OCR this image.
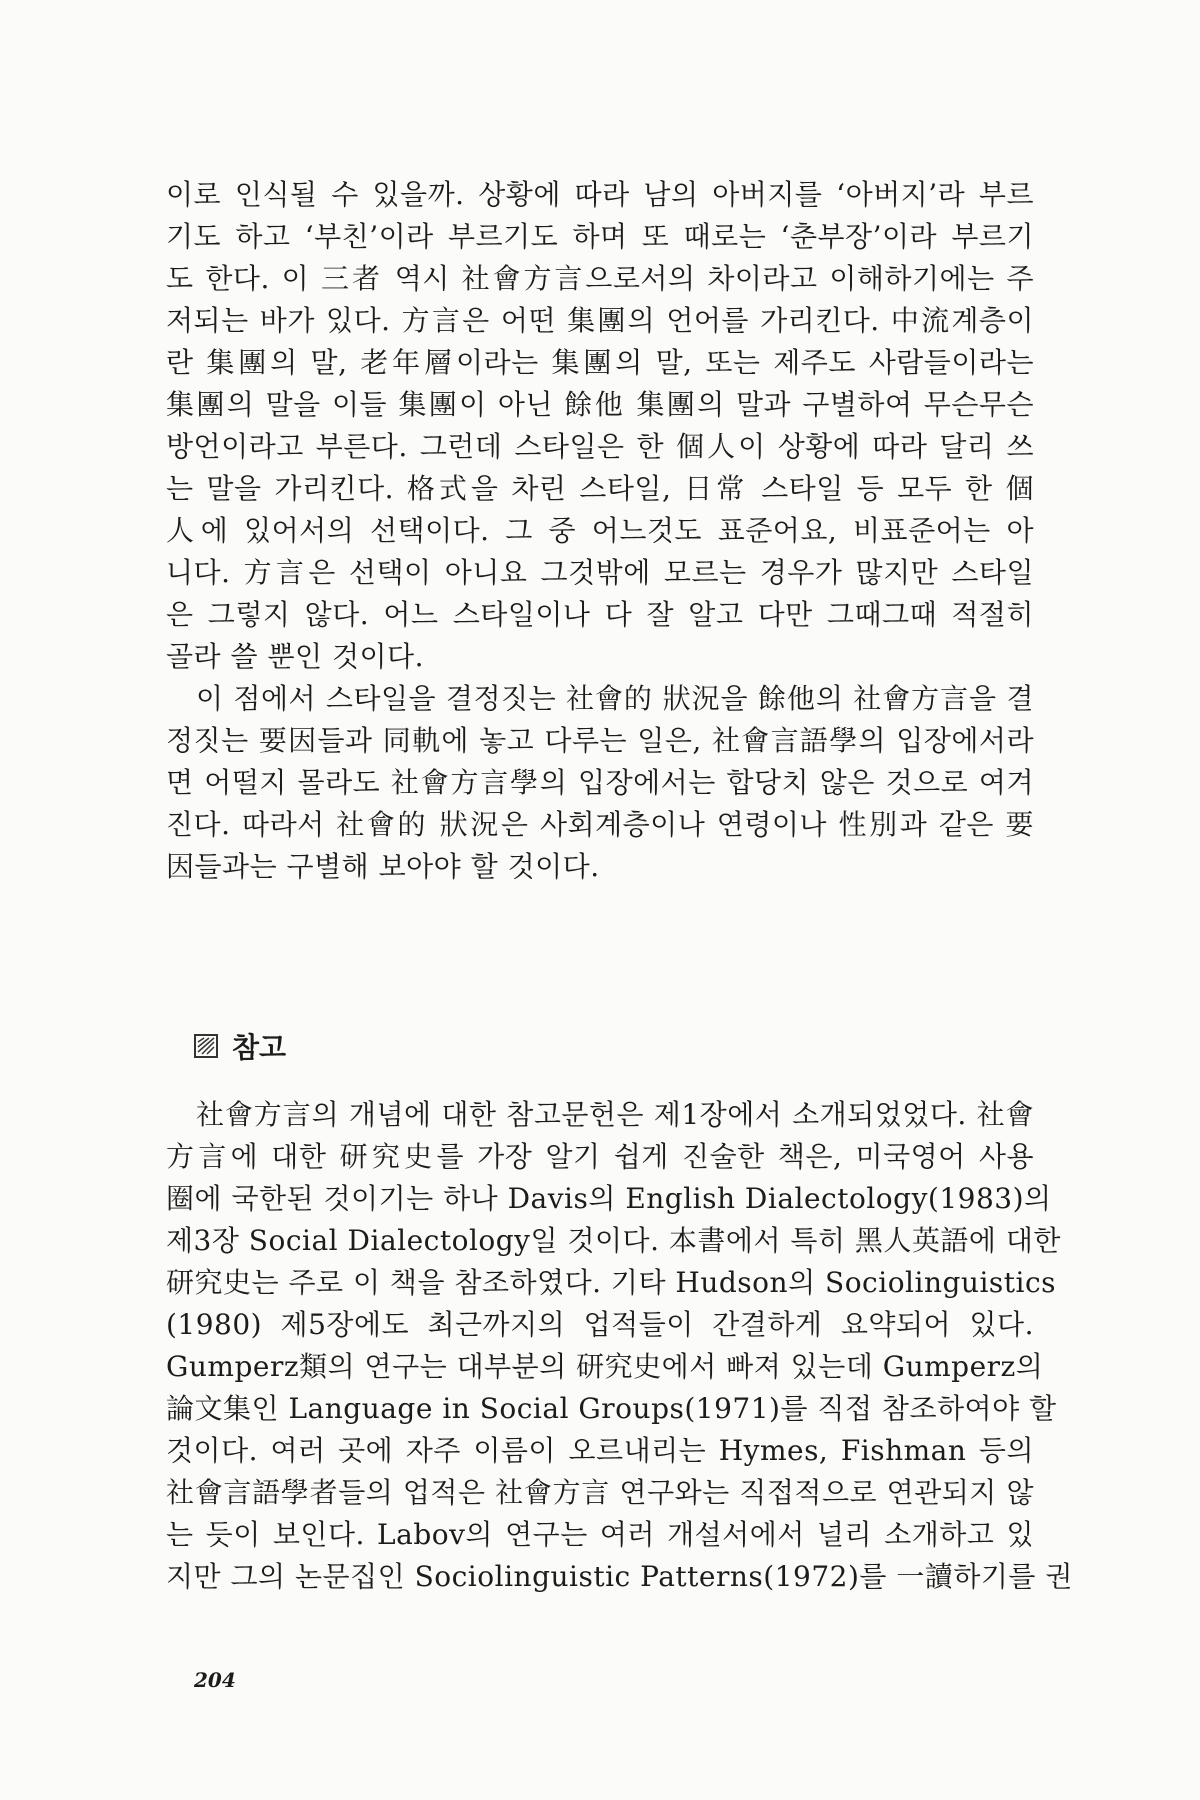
이로 인식될 수 있을까. 상황에 따라 남의 아버지를 ‘아버지’라 부르
기도 하고 ‘부친’이라 부르기도 하며 또 때로는 ‘춘부장’이라 부르기
도 한다. 이 三者 역시 社會方言으로서의 차이라고 이해하기에는 주
저되는 바가 있다. 方言은 어떤 集團의 언어를 가리킨다. 中流계층이
란 集團의 말, 老年層이라는 集團의 말, 또는 제주도 사람들이라는
集團의 말을 이들 集團이 아닌 餘他 集團의 말과 구별하여 무슨무슨
방언이라고 부른다. 그런데 스타일은 한 個人이 상황에 따라 달리 쓰
는 말을 가리킨다. 格式을 차린 스타일, 日常 스타일 등 모두 한 個
人에 있어서의 선택이다. 그 중 어느것도 표준어요, 비표준어는 아
니다. 方言은 선택이 아니요 그것밖에 모르는 경우가 많지만 스타일
은 그렇지 않다. 어느 스타일이나 다 잘 알고 다만 그때그때 적절히
골라 쓸 뿐인 것이다.
이 점에서 스타일을 결정짓는 社會的 狀況을 餘他의 社會方言을 결
정짓는 要因들과 同軌에 놓고 다루는 일은, 社會言語學의 입장에서라
면 어떨지 몰라도 社會方言學의 입장에서는 합당치 않은 것으로 여겨
진다. 따라서 社會的 狀況은 사회계층이나 연령이나 性別과 같은 要
因들과는 구별해 보아야 할 것이다.
참고
社會方言의 개념에 대한 참고문헌은 제1장에서 소개되었었다. 社會
方言에 대한 研究史를 가장 알기 쉽게 진술한 책은, 미국영어 사용
圈에 국한된 것이기는 하나 Davis의 English Dialectology(1983)의
제3장 Social Dialectology일 것이다. 本書에서 특히 黑人英語에 대한
研究史는 주로 이 책을 참조하였다. 기타 Hudson의 Sociolinguistics
(1980) 제5장에도 최근까지의 업적들이 간결하게 요약되어 있다.
Gumperz類의 연구는 대부분의 研究史에서 빠져 있는데 Gumperz의
論文集인 Language in Social Groups(1971)를 직접 참조하여야 할
것이다. 여러 곳에 자주 이름이 오르내리는 Hymes, Fishman 등의
社會言語學者들의 업적은 社會方言 연구와는 직접적으로 연관되지 않
는 듯이 보인다. Labov의 연구는 여러 개설서에서 널리 소개하고 있
지만 그의 논문집인 Sociolinguistic Patterns(1972)를 一讀하기를 권
204
